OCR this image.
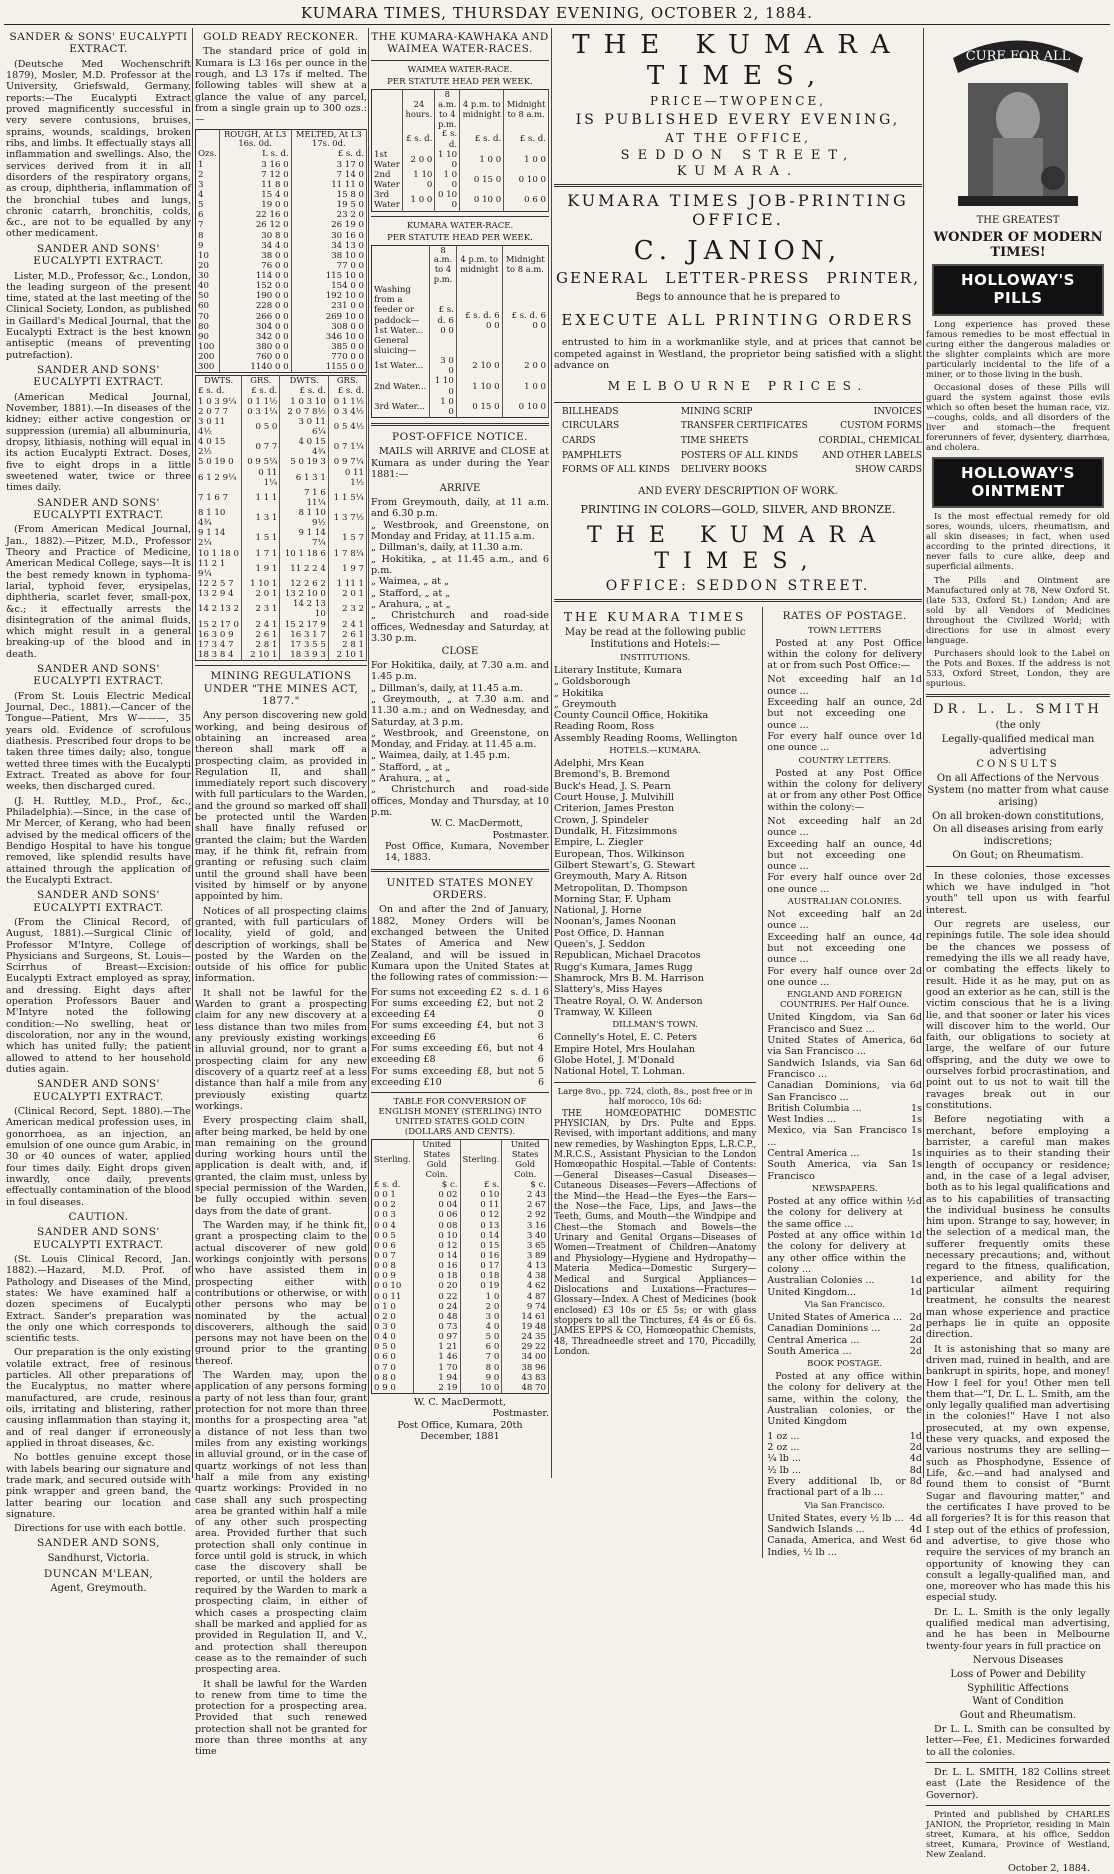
KUMARA TIMES, THURSDAY EVENING, OCTOBER 2, 1884.
SANDER & SONS' EUCALYPTI EXTRACT.

(Deutsche Med Wochenschrift 1879), Mosler, M.D. Professor at the University, Griefswald, Germany, reports:—The Eucalypti Extract proved magnificently successful in very severe contusions, bruises, sprains, wounds, scaldings, broken ribs, and limbs. It effectually stays all inflammation and swellings. Also, the services derived from it in all disorders of the respiratory organs, as croup, diphtheria, inflammation of the bronchial tubes and lungs, chronic catarrh, bronchitis, colds, &c., are not to be equalled by any other medicament.

SANDER AND SONS' EUCALYPTI EXTRACT.

Lister, M.D., Professor, &c., London, the leading surgeon of the present time, stated at the last meeting of the Clinical Society, London, as published in Gaillard's Medical Journal, that the Eucalypti Extract is the best known antiseptic (means of preventing putrefaction).

SANDER AND SONS' EUCALYPTI EXTRACT.

(American Medical Journal, November, 1881).—In diseases of the kidney; either active congestion or suppression (uremia) all albuminuria, dropsy, lithiasis, nothing will equal in its action Eucalypti Extract. Doses, five to eight drops in a little sweetened water, twice or three times daily.

SANDER AND SONS' EUCALYPTI EXTRACT.

(From American Medical Journal, Jan., 1882).—Pitzer, M.D., Professor Theory and Practice of Medicine, American Medical College, says—It is the best remedy known in typhoma-larial, typhoid fever, erysipelas, diphtheria, scarlet fever, small-pox, &c.; it effectually arrests the disintegration of the animal fluids, which might result in a general breaking-up of the blood and in death.

SANDER AND SONS' EUCALYPTI EXTRACT.

(From St. Louis Electric Medical Journal, Dec., 1881).—Cancer of the Tongue—Patient, Mrs W———, 35 years old. Evidence of scrofulous diathesis. Prescribed four drops to be taken three times daily; also, tongue wetted three times with the Eucalypti Extract. Treated as above for four weeks, then discharged cured.

(J. H. Ruttley, M.D., Prof., &c., Philadelphia).—Since, in the case of Mr Mercer, of Kerang, who had been advised by the medical officers of the Bendigo Hospital to have his tongue removed, like splendid results have attained through the application of the Eucalypti Extract.

SANDER AND SONS' EUCALYPTI EXTRACT.

(From the Clinical Record, of August, 1881).—Surgical Clinic of Professor M'Intyre, College of Physicians and Surgeons, St. Louis—Scirrhus of Breast—Excision: Eucalypti Extract employed as spray, and dressing. Eight days after operation Professors Bauer and M'Intyre noted the following condition:—No swelling, heat or discoloration, nor any in the wound, which has united fully; the patient allowed to attend to her household duties again.

SANDER AND SONS' EUCALYPTI EXTRACT.

(Clinical Record, Sept. 1880).—The American medical profession uses, in gonorrhoea, as an injection, an emulsion of one ounce gum Arabic, in 30 or 40 ounces of water, applied four times daily. Eight drops given inwardly, once daily, prevents effectually contamination of the blood in foul diseases.

CAUTION.
SANDER AND SONS' EUCALYPTI EXTRACT.

(St. Louis Clinical Record, Jan. 1882).—Hazard, M.D. Prof. of Pathology and Diseases of the Mind, states: We have examined half a dozen specimens of Eucalypti Extract. Sander's preparation was the only one which corresponds to scientific tests.

Our preparation is the only existing volatile extract, free of resinous particles. All other preparations of the Eucalyptus, no matter where manufactured, are crude, resinous oils, irritating and blistering, rather causing inflammation than staying it, and of real danger if erroneously applied in throat diseases, &c.

No bottles genuine except those with labels bearing our signature and trade mark, and secured outside with pink wrapper and green band, the latter bearing our location and signature.

Directions for use with each bottle.

SANDER AND SONS,
Sandhurst, Victoria.
DUNCAN M'LEAN,
Agent, Greymouth.
GOLD READY RECKONER.

The standard price of gold in Kumara is L3 16s per ounce in the rough, and L3 17s if melted. The following tables will shew at a glance the value of any parcel, from a single grain up to 300 ozs.:—

	ROUGH, At L3 16s. 0d.	MELTED, At L3 17s. 0d.
Ozs.	L s. d.	£ s. d.
1	3 16 0	3 17 0
2	7 12 0	7 14 0
3	11 8 0	11 11 0
4	15 4 0	15 8 0
5	19 0 0	19 5 0
6	22 16 0	23 2 0
7	26 12 0	26 19 0
8	30 8 0	30 16 0
9	34 4 0	34 13 0
10	38 0 0	38 10 0
20	76 0 0	77 0 0
30	114 0 0	115 10 0
40	152 0 0	154 0 0
50	190 0 0	192 10 0
60	228 0 0	231 0 0
70	266 0 0	269 10 0
80	304 0 0	308 0 0
90	342 0 0	346 10 0
100	380 0 0	385 0 0
200	760 0 0	770 0 0
300	1140 0 0	1155 0 0
DWTS.	GRS.	DWTS.	GRS.
£ s. d.	£ s. d.	£ s. d.	£ s. d.
1 0 3 9¼	0 1 1½	1 0 3 10	0 1 1½
2 0 7 7	0 3 1¼	2 0 7 8½	0 3 4½
3 0 11 4½	0 5 0	3 0 11 6¼	0 5 4½
4 0 15 2½	0 7 7	4 0 15 4¾	0 7 1¼
5 0 19 0	0 9 5¼	5 0 19 3	0 9 7¼
6 1 2 9¼	0 11 1¼	6 1 3 1	0 11 1½
7 1 6 7	1 1 1	7 1 6 11¼	1 1 5¼
8 1 10 4¾	1 3 1	8 1 10 9½	1 3 7½
9 1 14 2¼	1 5 1	9 1 14 7¼	1 5 7
10 1 18 0	1 7 1	10 1 18 6	1 7 8¼
11 2 1 9¼	1 9 1	11 2 2 4	1 9 7
12 2 5 7	1 10 1	12 2 6 2	1 11 1
13 2 9 4	2 0 1	13 2 10 0	2 0 1
14 2 13 2	2 3 1	14 2 13 10	2 3 2
15 2 17 0	2 4 1	15 2 17 9	2 4 1
16 3 0 9	2 6 1	16 3 1 7	2 6 1
17 3 4 7	2 8 1	17 3 5 5	2 8 1
18 3 8 4	2 10 1	18 3 9 3	2 10 1
MINING REGULATIONS UNDER "THE MINES ACT, 1877."

Any person discovering new gold working, and being desirous of obtaining an increased area thereon shall mark off a prospecting claim, as provided in Regulation II, and shall immediately report such discovery with full particulars to the Warden, and the ground so marked off shall be protected until the Warden shall have finally refused or granted the claim; but the Warden may, if he think fit, refrain from granting or refusing such claim until the ground shall have been visited by himself or by anyone appointed by him.

Notices of all prospecting claims granted, with full particulars of locality, yield of gold, and description of workings, shall be posted by the Warden on the outside of his office for public information.

It shall not be lawful for the Warden to grant a prospecting claim for any new discovery at a less distance than two miles from any previously existing workings in alluvial ground, nor to grant a prospecting claim for any new discovery of a quartz reef at a less distance than half a mile from any previously existing quartz workings.

Every prospecting claim shall, after being marked, be held by one man remaining on the ground during working hours until the application is dealt with, and, if granted, the claim must, unless by special permission of the Warden, be fully occupied within seven days from the date of grant.

The Warden may, if he think fit, grant a prospecting claim to the actual discoverer of new gold workings conjointly with persons who have assisted them in prospecting either with contributions or otherwise, or with other persons who may be nominated by the actual discoverers, although the said persons may not have been on the ground prior to the granting thereof.

The Warden may, upon the application of any persons forming a party of not less than four, grant protection for not more than three months for a prospecting area "at a distance of not less than two miles from any existing workings in alluvial ground, or in the case of quartz workings of not less than half a mile from any existing quartz workings: Provided in no case shall any such prospecting area be granted within half a mile of any other such prospecting area. Provided further that such protection shall only continue in force until gold is struck, in which case the discovery shall be reported, or until the holders are required by the Warden to mark a prospecting claim, in either of which cases a prospecting claim shall be marked and applied for as provided in Regulation II, and V., and protection shall thereupon cease as to the remainder of such prospecting area.

It shall be lawful for the Warden to renew from time to time the protection for a prospecting area. Provided that such renewed protection shall not be granted for more than three months at any time

THE KUMARA-KAWHAKA AND WAIMEA WATER-RACES.
WAIMEA WATER-RACE.
PER STATUTE HEAD PER WEEK.
	24 hours.	8 a.m. to 4 p.m.	4 p.m. to midnight	Midnight to 8 a.m.
	£ s. d.	£ s. d.	£ s. d.	£ s. d.
1st Water	2 0 0	1 10 0	1 0 0	1 0 0
2nd Water	1 10 0	1 0 0	0 15 0	0 10 0
3rd Water	1 0 0	0 10 0	0 10 0	0 6 0
KUMARA WATER-RACE.
PER STATUTE HEAD PER WEEK.
	8 a.m. to 4 p.m.	4 p.m. to midnight	Midnight to 8 a.m.
Washing from a feeder or paddock—1st Water... General sluicing—	£ s. d. 6 0 0	£ s. d. 6 0 0	£ s. d. 6 0 0
1st Water...	3 0 0	2 10 0	2 0 0
2nd Water...	1 10 0	1 10 0	1 0 0
3rd Water...	1 0 0	0 15 0	0 10 0
POST-OFFICE NOTICE.

MAILS will ARRIVE and CLOSE at Kumara as under during the Year 1881:—

ARRIVE

From Greymouth, daily, at 11 a.m. and 6.30 p.m.

„ Westbrook, and Greenstone, on Monday and Friday, at 11.15 a.m.

„ Dillman's, daily, at 11.30 a.m.

„ Hokitika, „ at 11.45 a.m., and 6 p.m.

„ Waimea, „ at „

„ Stafford, „ at „

„ Arahura, „ at „

„ Christchurch and road-side offices, Wednesday and Saturday, at 3.30 p.m.

CLOSE

For Hokitika, daily, at 7.30 a.m. and 1.45 p.m.

„ Dillman's, daily, at 11.45 a.m.

„ Greymouth, „ at 7.30 a.m. and 11.30 a.m.; and on Wednesday, and Saturday, at 3 p.m.

„ Westbrook, and Greenstone, on Monday, and Friday. at 11.45 a.m.

„ Waimea, daily, at 1.45 p.m.

„ Stafford, „ at „

„ Arahura, „ at „

„ Christchurch and road-side offices, Monday and Thursday, at 10 p.m.

W. C. MacDermott,
Postmaster.
Post Office, Kumara, November 14, 1883.
UNITED STATES MONEY ORDERS.

On and after the 2nd of January, 1882, Money Orders will be exchanged between the United States of America and New Zealand, and will be issued in Kumara upon the United States at the following rates of commission:—

For sums not exceeding £2 s. d. 1 6
For sums exceeding £2, but not exceeding £4
2 0
For sums exceeding £4, but not exceeding £6
3 6
For sums exceeding £6, but not exceeding £8
4 6
For sums exceeding £8, but not exceeding £10
5 6
TABLE FOR CONVERSION OF ENGLISH MONEY (STERLING) INTO UNITED STATES GOLD COIN (DOLLARS AND CENTS).
Sterling.	United States Gold Coin.	Sterling.	United States Gold Coin.
£ s. d.	$ c.	£ s.	$ c.
0 0 1	0 02	0 10	2 43
0 0 2	0 04	0 11	2 67
0 0 3	0 06	0 12	2 92
0 0 4	0 08	0 13	3 16
0 0 5	0 10	0 14	3 40
0 0 6	0 12	0 15	3 65
0 0 7	0 14	0 16	3 89
0 0 8	0 16	0 17	4 13
0 0 9	0 18	0 18	4 38
0 0 10	0 20	0 19	4 62
0 0 11	0 22	1 0	4 87
0 1 0	0 24	2 0	9 74
0 2 0	0 48	3 0	14 61
0 3 0	0 73	4 0	19 48
0 4 0	0 97	5 0	24 35
0 5 0	1 21	6 0	29 22
0 6 0	1 46	7 0	34 00
0 7 0	1 70	8 0	38 96
0 8 0	1 94	9 0	43 83
0 9 0	2 19	10 0	48 70
W. C. MacDermott,
Postmaster.
Post Office, Kumara, 20th December, 1881
THE KUMARA TIMES,
PRICE—TWOPENCE,
IS PUBLISHED EVERY EVENING,
AT THE OFFICE,
SEDDON STREET, KUMARA.
KUMARA TIMES JOB-PRINTING OFFICE.
C. JANION,
GENERAL LETTER-PRESS PRINTER,
Begs to announce that he is prepared to
EXECUTE ALL PRINTING ORDERS

entrusted to him in a workmanlike style, and at prices that cannot be competed against in Westland, the proprietor being satisfied with a slight advance on

MELBOURNE PRICES.

BILLHEADS

CIRCULARS

CARDS

PAMPHLETS

FORMS OF ALL KINDS

MINING SCRIP

TRANSFER CERTIFICATES

TIME SHEETS

POSTERS OF ALL KINDS

DELIVERY BOOKS

INVOICES

CUSTOM FORMS

CORDIAL, CHEMICAL

AND OTHER LABELS

SHOW CARDS

AND EVERY DESCRIPTION OF WORK.
PRINTING IN COLORS—GOLD, SILVER, AND BRONZE.
THE KUMARA TIMES,
OFFICE: SEDDON STREET.
THE KUMARA TIMES
May be read at the following public Institutions and Hotels:—
INSTITUTIONS.

Literary Institute, Kumara

„ Goldsborough

„ Hokitika

„ Greymouth

County Council Office, Hokitika

Reading Room, Ross

Assembly Reading Rooms, Wellington

HOTELS.—KUMARA.

Adelphi, Mrs Kean

Bremond's, B. Bremond

Buck's Head, J. S. Pearn

Court House, J. Mulvihill

Criterion, James Preston

Crown, J. Spindeler

Dundalk, H. Fitzsimmons

Empire, L. Ziegler

European, Thos. Wilkinson

Gilbert Stewart's, G. Stewart

Greymouth, Mary A. Ritson

Metropolitan, D. Thompson

Morning Star, F. Upham

National, J. Horne

Noonan's, James Noonan

Post Office, D. Hannan

Queen's, J. Seddon

Republican, Michael Dracotos

Rugg's Kumara, James Rugg

Shamrock, Mrs B. M. Harrison

Slattery's, Miss Hayes

Theatre Royal, O. W. Anderson

Tramway, W. Killeen

DILLMAN'S TOWN.

Connelly's Hotel, E. C. Peters

Empire Hotel, Mrs Houlahan

Globe Hotel, J. M'Donald

National Hotel, T. Lohman.

Large 8vo., pp. 724, cloth, 8s., post free or in half morocco, 10s 6d:

THE HOMŒOPATHIC DOMESTIC PHYSICIAN, by Drs. Pulte and Epps. Revised, with important additions, and many new remedies, by Washington Epps, L.R.C.P., M.R.C.S., Assistant Physician to the London Homœopathic Hospital.—Table of Contents:—General Diseases—Casual Diseases—Cutaneous Diseases—Fevers—Affections of the Mind—the Head—the Eyes—the Ears—the Nose—the Face, Lips, and Jaws—the Teeth, Gums, and Mouth—the Windpipe and Chest—the Stomach and Bowels—the Urinary and Genital Organs—Diseases of Women—Treatment of Children—Anatomy and Physiology—Hygiene and Hydropathy—Materia Medica—Domestic Surgery—Medical and Surgical Appliances—Dislocations and Luxations—Fractures—Glossary—Index. A Chest of Medicines (book enclosed) £3 10s or £5 5s; or with glass stoppers to all the Tinctures, £4 4s or £6 6s. JAMES EPPS & CO, Homœopathic Chemists, 48, Threadneedle street and 170, Piccadilly, London.

RATES OF POSTAGE.
TOWN LETTERS

Posted at any Post Office within the colony for delivery at or from such Post Office:—

Not exceeding half an ounce ...
1d
Exceeding half an ounce, but not exceeding one ounce ...
2d
For every half ounce over one ounce ...
1d
COUNTRY LETTERS.

Posted at any Post Office within the colony for delivery at or from any other Post Office within the colony:—

Not exceeding half an ounce ...
2d
Exceeding half an ounce, but not exceeding one ounce ...
4d
For every half ounce over one ounce ...
2d
AUSTRALIAN COLONIES.
Not exceeding half an ounce ...
2d
Exceeding half an ounce, but not exceeding one ounce ...
4d
For every half ounce over one ounce ...
2d
ENGLAND AND FOREIGN COUNTRIES. Per Half Ounce.
United Kingdom, via San Francisco and Suez ...
6d
United States of America, via San Francisco ...
6d
Sandwich Islands, via San Francisco ...
6d
Canadian Dominions, via San Francisco ...
6d
British Columbia ...	1s
West Indies ...	1s
Mexico, via San Francisco ...
1s
Central America ...	1s
South America, via San Francisco
1s
NEWSPAPERS.
Posted at any office within the colony for delivery at the same office ...
½d
Posted at any office within the colony for delivery at any other office within the colony ...
1d
Australian Colonies ...	1d
United Kingdom...	1d
Via San Francisco.
United States of America ... 2d
Canadian Dominions ...	2d
Central America ...	2d
South America ...	2d
BOOK POSTAGE.

Posted at any office within the colony for delivery at the same, within the colony, the Australian colonies, or the United Kingdom

1 oz ...	1d
2 oz ...	2d
¼ lb ...	4d
½ lb ...	8d
Every additional lb, or fractional part of a lb ...
8d
Via San Francisco.
United States, every ½ lb ... 4d
Sandwich Islands ...	4d
Canada, America, and West Indies, ½ lb ...
6d
CURE FOR ALL
THE GREATEST
WONDER OF MODERN TIMES!
HOLLOWAY'S PILLS

Long experience has proved these famous remedies to be most effectual in curing either the dangerous maladies or the slighter complaints which are more particularly incidental to the life of a miner, or to those living in the bush.

Occasional doses of these Pills will guard the system against those evils which so often beset the human race, viz.—coughs, colds, and all disorders of the liver and stomach—the frequent forerunners of fever, dysentery, diarrhœa, and cholera.

HOLLOWAY'S OINTMENT

Is the most effectual remedy for old sores, wounds, ulcers, rheumatism, and all skin diseases; in fact, when used according to the printed directions, it never fails to cure alike, deep and superficial ailments.

The Pills and Ointment are Manufactured only at 78, New Oxford St. (late 533, Oxford St.) London; And are sold by all Vendors of Medicines throughout the Civilized World; with directions for use in almost every language.

Purchasers should look to the Label on the Pots and Boxes. If the address is not 533, Oxford Street, London, they are spurious.

DR. L. L. SMITH
(the only
Legally-qualified medical man advertising
CONSULTS
On all Affections of the Nervous System (no matter from what cause arising)
On all broken-down constitutions,
On all diseases arising from early indiscretions;
On Gout; on Rheumatism.

In these colonies, those excesses which we have indulged in "hot youth" tell upon us with fearful interest.

Our regrets are useless, our repinings futile. The sole idea should be the chances we possess of remedying the ills we all ready have, or combating the effects likely to result. Hide it as he may, put on as good an exterior as he can, still is the victim conscious that he is a living lie, and that sooner or later his vices will discover him to the world. Our faith, our obligations to society at large, the welfare of our future offspring, and the duty we owe to ourselves forbid procrastination, and point out to us not to wait till the ravages break out in our constitutions.

Before negotiating with a merchant, before employing a barrister, a careful man makes inquiries as to their standing their length of occupancy or residence; and, in the case of a legal adviser, both as to his legal qualifications and as to his capabilities of transacting the individual business he consults him upon. Strange to say, however, in the selection of a medical man, the sufferer frequently omits these necessary precautions; and, without regard to the fitness, qualification, experience, and ability for the particular ailment requiring treatment, he consults the nearest man whose experience and practice perhaps lie in quite an opposite direction.

It is astonishing that so many are driven mad, ruined in health, and are bankrupt in spirits, hope, and money! How I feel for you! Other men tell them that—"I, Dr. L. L. Smith, am the only legally qualified man advertising in the colonies!" Have I not also prosecuted, at my own expense, these very quacks, and exposed the various nostrums they are selling—such as Phosphodyne, Essence of Life, &c.—and had analysed and found them to consist of "Burnt Sugar and flavouring matter," and the certificates I have proved to be all forgeries? It is for this reason that I step out of the ethics of profession, and advertise, to give those who require the services of my branch an opportunity of knowing they can consult a legally-qualified man, and one, moreover who has made this his especial study.

Dr. L. L. Smith is the only legally qualified medical man advertising, and he has been in Melbourne twenty-four years in full practice on

Nervous Diseases
Loss of Power and Debility
Syphilitic Affections
Want of Condition
Gout and Rheumatism.

Dr L. L. Smith can be consulted by letter—Fee, £1. Medicines forwarded to all the colonies.

Dr. L. L. SMITH, 182 Collins street east (Late the Residence of the Governor).

Printed and published by CHARLES JANION, the Proprietor, residing in Main street, Kumara, at his office, Seddon street, Kumara, Province of Westland, New Zealand.

October 2, 1884.
